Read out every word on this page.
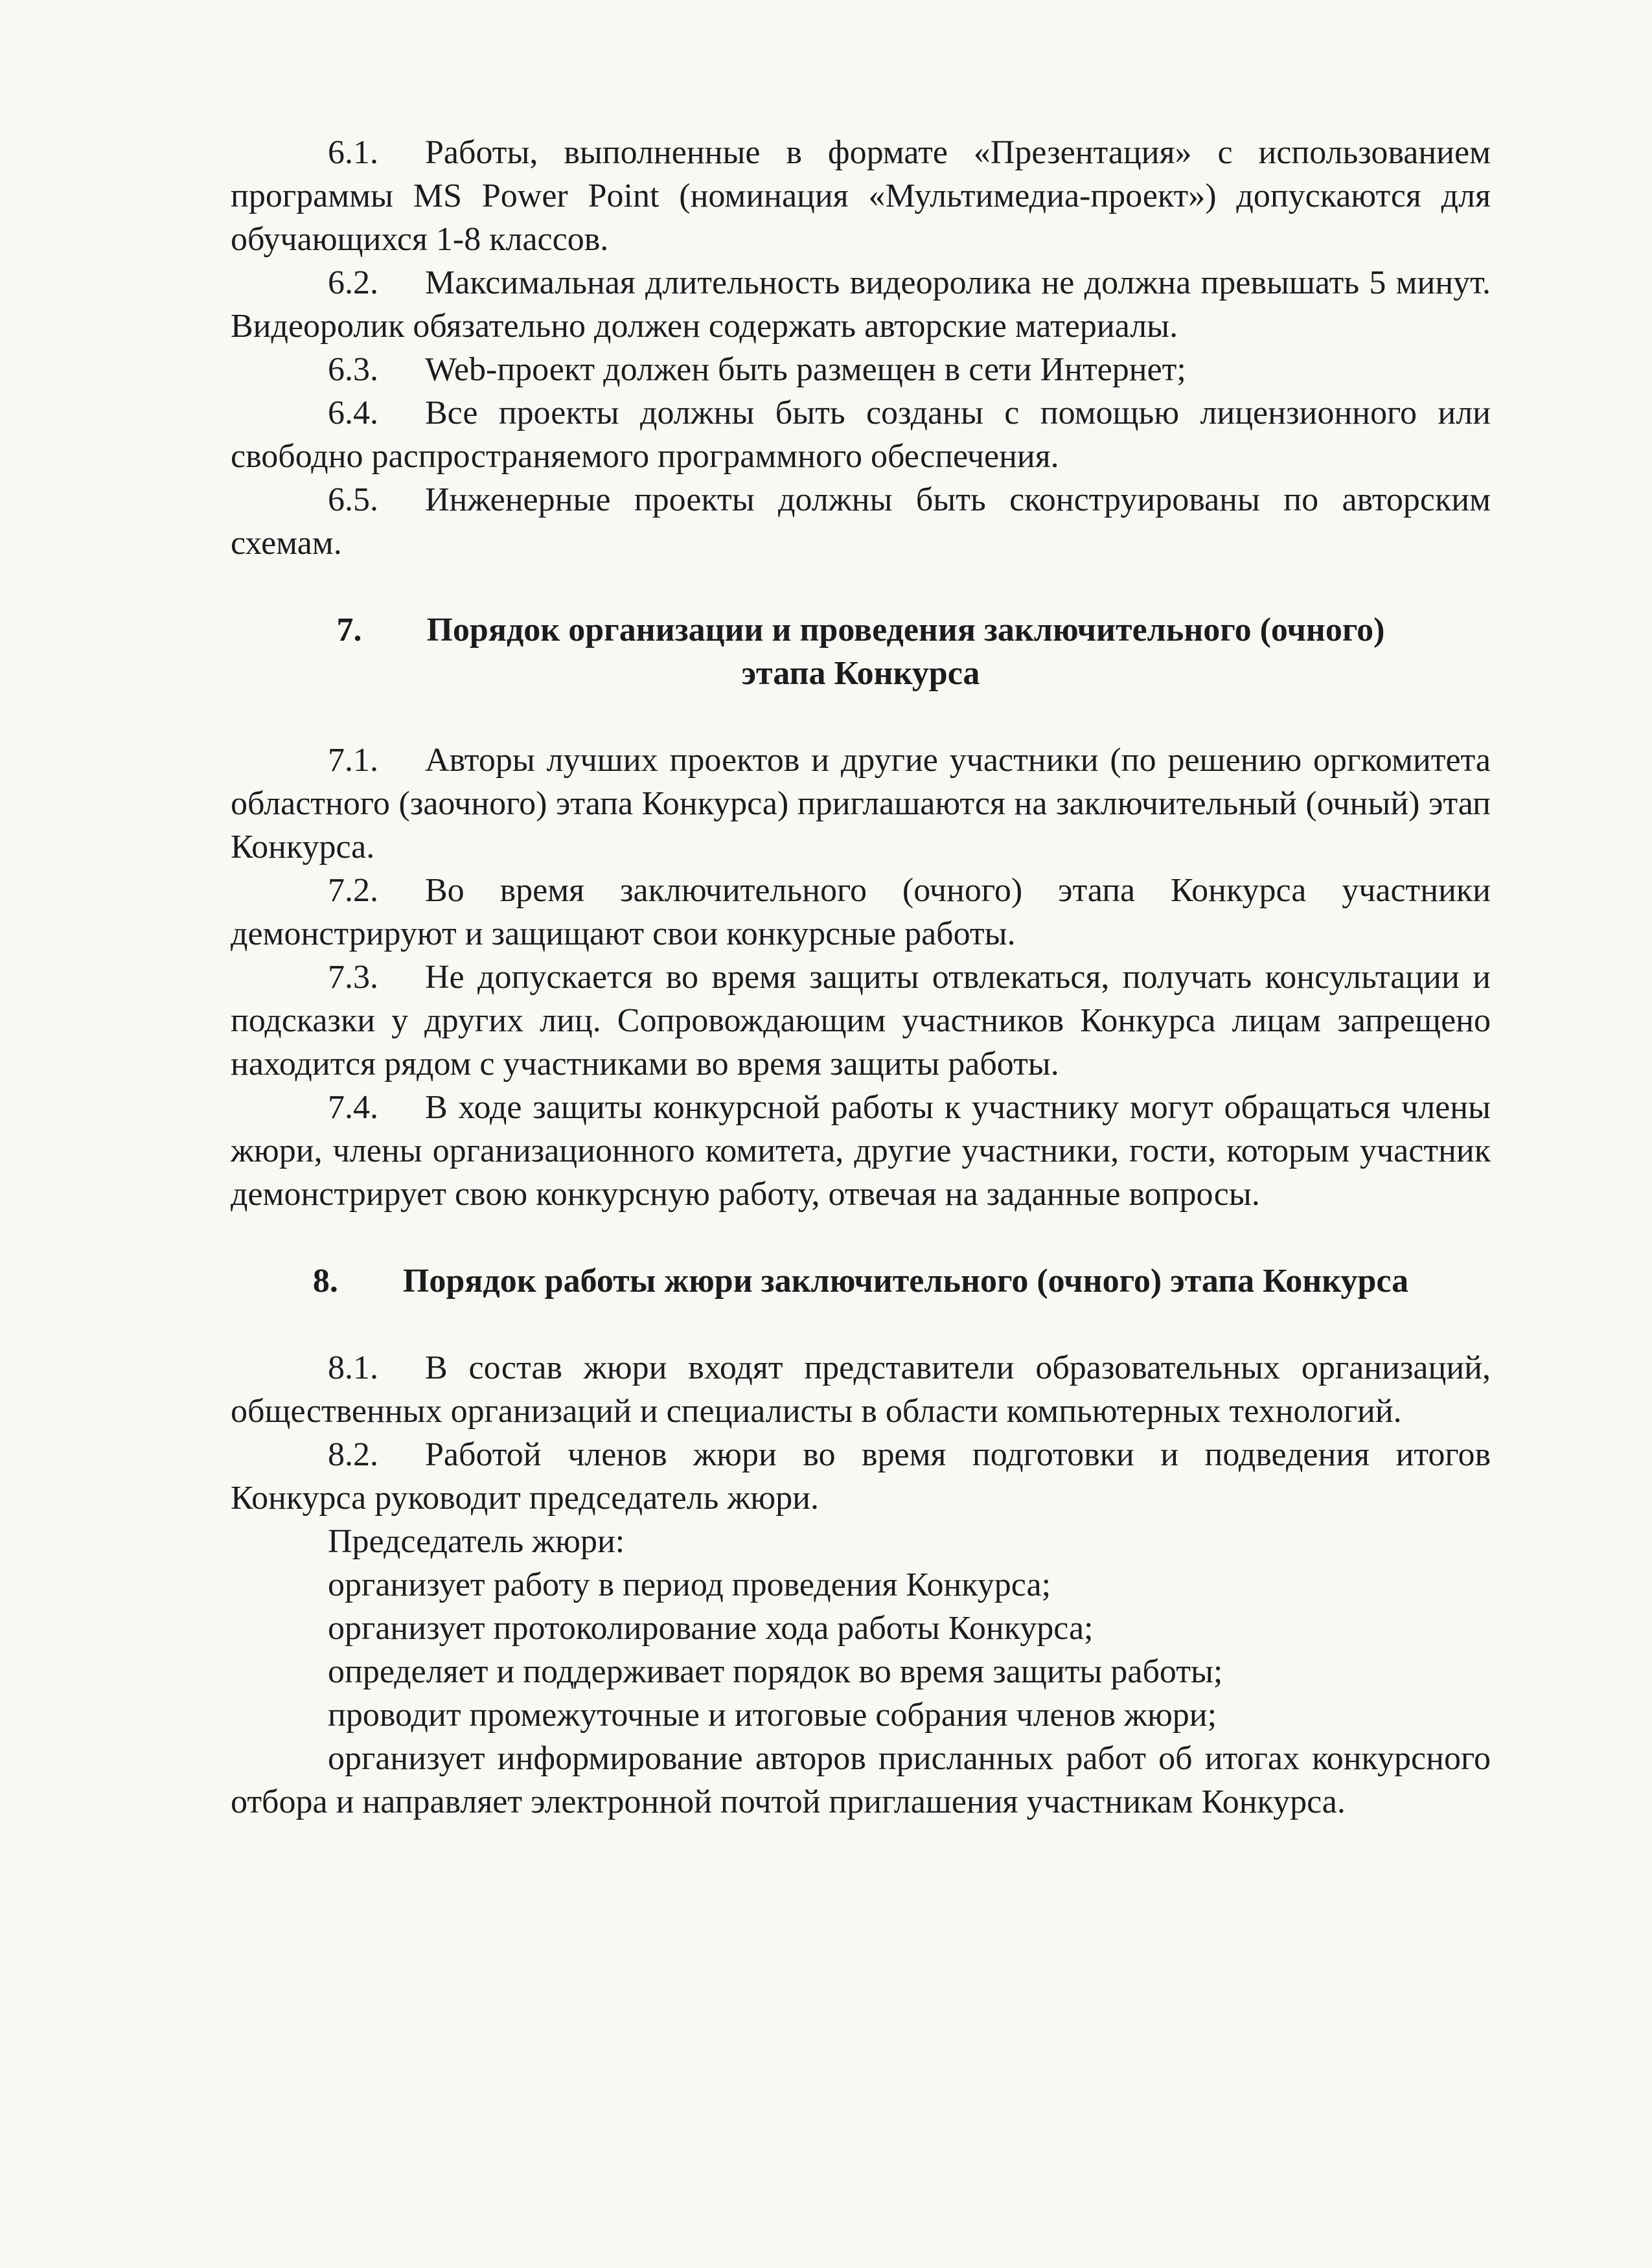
6.1. Работы, выполненные в формате «Презентация» с использованием программы MS Power Point (номинация «Мультимедиа-проект») допускаются для обучающихся 1-8 классов.

6.2. Максимальная длительность видеоролика не должна превышать 5 минут. Видеоролик обязательно должен содержать авторские материалы.

6.3. Web-проект должен быть размещен в сети Интернет;

6.4. Все проекты должны быть созданы с помощью лицензионного или свободно распространяемого программного обеспечения.

6.5. Инженерные проекты должны быть сконструированы по авторским схемам.

7. Порядок организации и проведения заключительного (очного)

этапа Конкурса

7.1. Авторы лучших проектов и другие участники (по решению оргкомитета областного (заочного) этапа Конкурса) приглашаются на заключительный (очный) этап Конкурса.

7.2. Во время заключительного (очного) этапа Конкурса участники демонстрируют и защищают свои конкурсные работы.

7.3. Не допускается во время защиты отвлекаться, получать консультации и подсказки у других лиц. Сопровождающим участников Конкурса лицам запрещено находится рядом с участниками во время защиты работы.

7.4. В ходе защиты конкурсной работы к участнику могут обращаться члены жюри, члены организационного комитета, другие участники, гости, которым участник демонстрирует свою конкурсную работу, отвечая на заданные вопросы.

8. Порядок работы жюри заключительного (очного) этапа Конкурса

8.1. В состав жюри входят представители образовательных организаций, общественных организаций и специалисты в области компьютерных технологий.

8.2. Работой членов жюри во время подготовки и подведения итогов Конкурса руководит председатель жюри.

Председатель жюри:

организует работу в период проведения Конкурса;

организует протоколирование хода работы Конкурса;

определяет и поддерживает порядок во время защиты работы;

проводит промежуточные и итоговые собрания членов жюри;

организует информирование авторов присланных работ об итогах конкурсного отбора и направляет электронной почтой приглашения участникам Конкурса.
